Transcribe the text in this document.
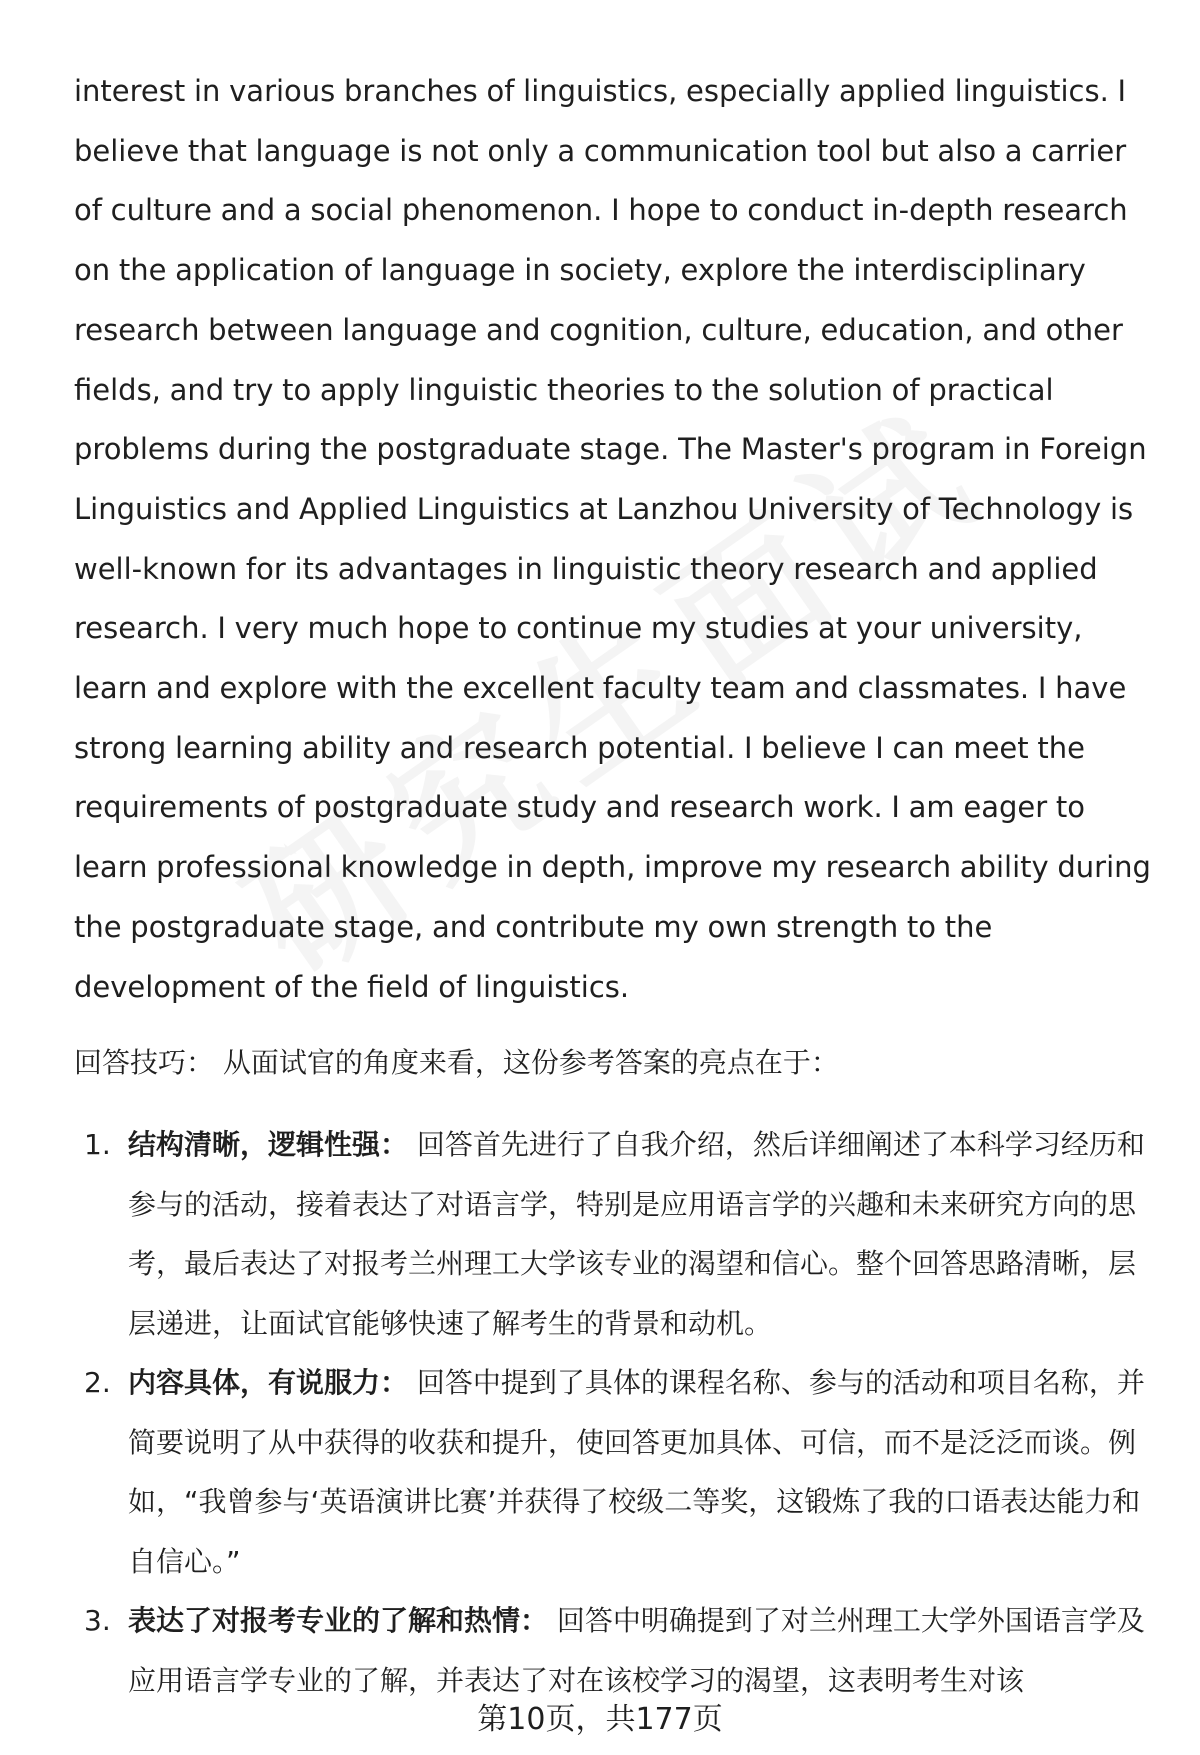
interest in various branches of linguistics, especially applied linguistics. I believe that language is not only a communication tool but also a carrier of culture and a social phenomenon. I hope to conduct in-depth research on the application of language in society, explore the interdisciplinary research between language and cognition, culture, education, and other fields, and try to apply linguistic theories to the solution of practical problems during the postgraduate stage. The Master's program in Foreign Linguistics and Applied Linguistics at Lanzhou University of Technology is well-known for its advantages in linguistic theory research and applied research. I very much hope to continue my studies at your university, learn and explore with the excellent faculty team and classmates. I have strong learning ability and research potential. I believe I can meet the requirements of postgraduate study and research work. I am eager to learn professional knowledge in depth, improve my research ability during the postgraduate stage, and contribute my own strength to the development of the field of linguistics.

回答技巧： 从面试官的角度来看，这份参考答案的亮点在于：

1. 结构清晰，逻辑性强： 回答首先进行了自我介绍，然后详细阐述了本科学习经历和参与的活动，接着表达了对语言学，特别是应用语言学的兴趣和未来研究方向的思考，最后表达了对报考兰州理工大学该专业的渴望和信心。整个回答思路清晰，层层递进，让面试官能够快速了解考生的背景和动机。
2. 内容具体，有说服力： 回答中提到了具体的课程名称、参与的活动和项目名称，并简要说明了从中获得的收获和提升，使回答更加具体、可信，而不是泛泛而谈。例如，“我曾参与‘英语演讲比赛’并获得了校级二等奖，这锻炼了我的口语表达能力和自信心。”
3. 表达了对报考专业的了解和热情： 回答中明确提到了对兰州理工大学外国语言学及应用语言学专业的了解，并表达了对在该校学习的渴望，这表明考生对该
第10页，共177页
